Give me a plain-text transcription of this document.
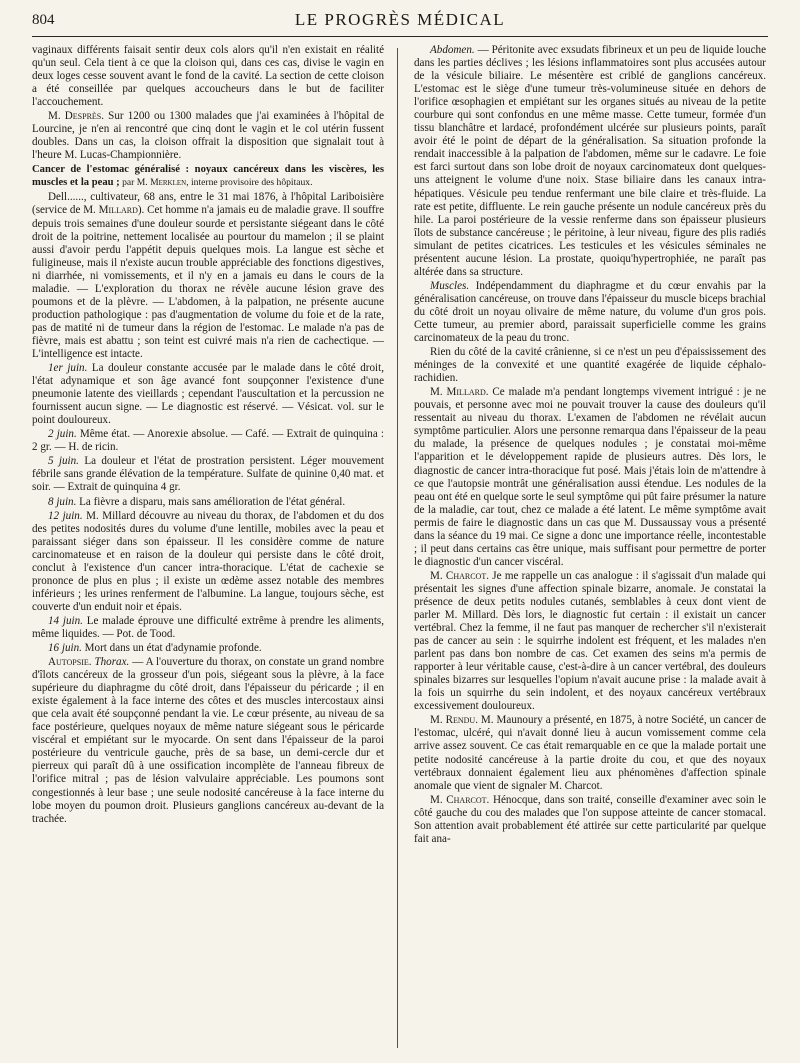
804	LE PROGRÈS MÉDICAL

vaginaux différents faisait sentir deux cols alors qu'il n'en existait en réalité qu'un seul. Cela tient à ce que la cloison qui, dans ces cas, divise le vagin en deux loges cesse souvent avant le fond de la cavité. La section de cette cloison a été conseillée par quelques accoucheurs dans le but de faciliter l'accouchement.

M. Desprès. Sur 1200 ou 1300 malades que j'ai examinées à l'hôpital de Lourcine, je n'en ai rencontré que cinq dont le vagin et le col utérin fussent doubles. Dans un cas, la cloison offrait la disposition que signalait tout à l'heure M. Lucas-Championnière.

Cancer de l'estomac généralisé : noyaux cancéreux dans les viscères, les muscles et la peau ; par M. Merklen, interne provisoire des hôpitaux.

Dell......, cultivateur, 68 ans, entre le 31 mai 1876, à l'hôpital Lariboisière (service de M. Millard). Cet homme n'a jamais eu de maladie grave. Il souffre depuis trois semaines d'une douleur sourde et persistante siégeant dans le côté droit de la poitrine, nettement localisée au pourtour du mamelon ; il se plaint aussi d'avoir perdu l'appétit depuis quelques mois. La langue est sèche et fuligineuse, mais il n'existe aucun trouble appréciable des fonctions digestives, ni diarrhée, ni vomissements, et il n'y en a jamais eu dans le cours de la maladie. — L'exploration du thorax ne révèle aucune lésion grave des poumons et de la plèvre. — L'abdomen, à la palpation, ne présente aucune production pathologique : pas d'augmentation de volume du foie et de la rate, pas de matité ni de tumeur dans la région de l'estomac. Le malade n'a pas de fièvre, mais est abattu ; son teint est cuivré mais n'a rien de cachectique. — L'intelligence est intacte.

1er juin. La douleur constante accusée par le malade dans le côté droit, l'état adynamique et son âge avancé font soupçonner l'existence d'une pneumonie latente des vieillards ; cependant l'auscultation et la percussion ne fournissent aucun signe. — Le diagnostic est réservé. — Vésicat. vol. sur le point douloureux.

2 juin. Même état. — Anorexie absolue. — Café. — Extrait de quinquina : 2 gr. — H. de ricin.

5 juin. La douleur et l'état de prostration persistent. Léger mouvement fébrile sans grande élévation de la température. Sulfate de quinine 0,40 mat. et soir. — Extrait de quinquina 4 gr.

8 juin. La fièvre a disparu, mais sans amélioration de l'état général.

12 juin. M. Millard découvre au niveau du thorax, de l'abdomen et du dos des petites nodosités dures du volume d'une lentille, mobiles avec la peau et paraissant siéger dans son épaisseur. Il les considère comme de nature carcinomateuse et en raison de la douleur qui persiste dans le côté droit, conclut à l'existence d'un cancer intra-thoracique. L'état de cachexie se prononce de plus en plus ; il existe un œdème assez notable des membres inférieurs ; les urines renferment de l'albumine. La langue, toujours sèche, est couverte d'un enduit noir et épais.

14 juin. Le malade éprouve une difficulté extrême à prendre les aliments, même liquides. — Pot. de Tood.

16 juin. Mort dans un état d'adynamie profonde.

Autopsie. Thorax. — A l'ouverture du thorax, on constate un grand nombre d'îlots cancéreux de la grosseur d'un pois, siégeant sous la plèvre, à la face supérieure du diaphragme du côté droit, dans l'épaisseur du péricarde ; il en existe également à la face interne des côtes et des muscles intercostaux ainsi que cela avait été soupçonné pendant la vie. Le cœur présente, au niveau de sa face postérieure, quelques noyaux de même nature siégeant sous le péricarde viscéral et empiétant sur le myocarde. On sent dans l'épaisseur de la paroi postérieure du ventricule gauche, près de sa base, un demi-cercle dur et pierreux qui paraît dû à une ossification incomplète de l'anneau fibreux de l'orifice mitral ; pas de lésion valvulaire appréciable. Les poumons sont congestionnés à leur base ; une seule nodosité cancéreuse à la face interne du lobe moyen du poumon droit. Plusieurs ganglions cancéreux au-devant de la trachée.

Abdomen. — Péritonite avec exsudats fibrineux et un peu de liquide louche dans les parties déclives ; les lésions inflammatoires sont plus accusées autour de la vésicule biliaire. Le mésentère est criblé de ganglions cancéreux. L'estomac est le siège d'une tumeur très-volumineuse située en dehors de l'orifice œsophagien et empiétant sur les organes situés au niveau de la petite courbure qui sont confondus en une même masse. Cette tumeur, formée d'un tissu blanchâtre et lardacé, profondément ulcérée sur plusieurs points, paraît avoir été le point de départ de la généralisation. Sa situation profonde la rendait inaccessible à la palpation de l'abdomen, même sur le cadavre. Le foie est farci surtout dans son lobe droit de noyaux carcinomateux dont quelques-uns atteignent le volume d'une noix. Stase biliaire dans les canaux intra-hépatiques. Vésicule peu tendue renfermant une bile claire et très-fluide. La rate est petite, diffluente. Le rein gauche présente un nodule cancéreux près du hile. La paroi postérieure de la vessie renferme dans son épaisseur plusieurs îlots de substance cancéreuse ; le péritoine, à leur niveau, figure des plis radiés simulant de petites cicatrices. Les testicules et les vésicules séminales ne présentent aucune lésion. La prostate, quoiqu'hypertrophiée, ne paraît pas altérée dans sa structure.

Muscles. Indépendamment du diaphragme et du cœur envahis par la généralisation cancéreuse, on trouve dans l'épaisseur du muscle biceps brachial du côté droit un noyau olivaire de même nature, du volume d'un gros pois. Cette tumeur, au premier abord, paraissait superficielle comme les grains carcinomateux de la peau du tronc.

Rien du côté de la cavité crânienne, si ce n'est un peu d'épaississement des méninges de la convexité et une quantité exagérée de liquide céphalo-rachidien.

M. Millard. Ce malade m'a pendant longtemps vivement intrigué : je ne pouvais, et personne avec moi ne pouvait trouver la cause des douleurs qu'il ressentait au niveau du thorax. L'examen de l'abdomen ne révélait aucun symptôme particulier. Alors une personne remarqua dans l'épaisseur de la peau du malade, la présence de quelques nodules ; je constatai moi-même l'apparition et le développement rapide de plusieurs autres. Dès lors, le diagnostic de cancer intra-thoracique fut posé. Mais j'étais loin de m'attendre à ce que l'autopsie montrât une généralisation aussi étendue. Les nodules de la peau ont été en quelque sorte le seul symptôme qui pût faire présumer la nature de la maladie, car tout, chez ce malade a été latent. Le même symptôme avait permis de faire le diagnostic dans un cas que M. Dussaussay vous a présenté dans la séance du 19 mai. Ce signe a donc une importance réelle, incontestable ; il peut dans certains cas être unique, mais suffisant pour permettre de porter le diagnostic d'un cancer viscéral.

M. Charcot. Je me rappelle un cas analogue : il s'agissait d'un malade qui présentait les signes d'une affection spinale bizarre, anomale. Je constatai la présence de deux petits nodules cutanés, semblables à ceux dont vient de parler M. Millard. Dès lors, le diagnostic fut certain : il existait un cancer vertébral. Chez la femme, il ne faut pas manquer de rechercher s'il n'existerait pas de cancer au sein : le squirrhe indolent est fréquent, et les malades n'en parlent pas dans bon nombre de cas. Cet examen des seins m'a permis de rapporter à leur véritable cause, c'est-à-dire à un cancer vertébral, des douleurs spinales bizarres sur lesquelles l'opium n'avait aucune prise : la malade avait à la fois un squirrhe du sein indolent, et des noyaux cancéreux vertébraux excessivement douloureux.

M. Rendu. M. Maunoury a présenté, en 1875, à notre Société, un cancer de l'estomac, ulcéré, qui n'avait donné lieu à aucun vomissement comme cela arrive assez souvent. Ce cas était remarquable en ce que la malade portait une petite nodosité cancéreuse à la partie droite du cou, et que des noyaux vertébraux donnaient également lieu aux phénomènes d'affection spinale anomale que vient de signaler M. Charcot.

M. Charcot. Hénocque, dans son traité, conseille d'examiner avec soin le côté gauche du cou des malades que l'on suppose atteinte de cancer stomacal. Son attention avait probablement été attirée sur cette particularité par quelque fait ana-
